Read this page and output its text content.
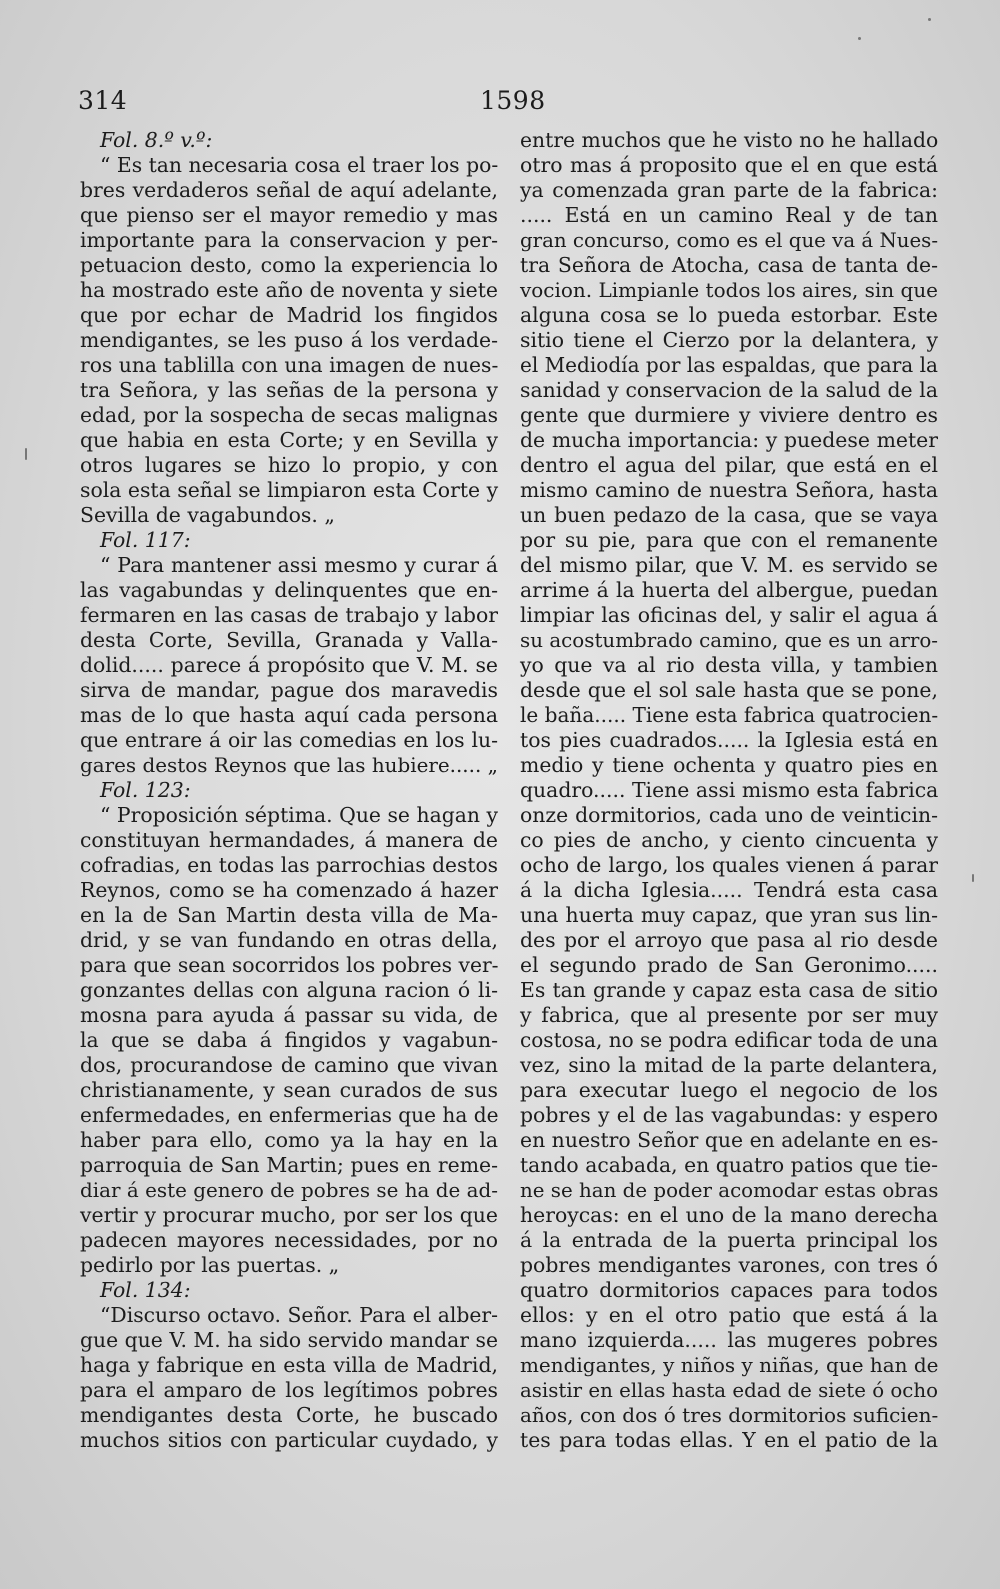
314	1598
Fol. 8.º v.º:
“ Es tan necesaria cosa el traer los po-
bres verdaderos señal de aquí adelante,
que pienso ser el mayor remedio y mas
importante para la conservacion y per-
petuacion desto, como la experiencia lo
ha mostrado este año de noventa y siete
que por echar de Madrid los fingidos
mendigantes, se les puso á los verdade-
ros una tablilla con una imagen de nues-
tra Señora, y las señas de la persona y
edad, por la sospecha de secas malignas
que habia en esta Corte; y en Sevilla y
otros lugares se hizo lo propio, y con
sola esta señal se limpiaron esta Corte y
Sevilla de vagabundos. „
Fol. 117:
“ Para mantener assi mesmo y curar á
las vagabundas y delinquentes que en-
fermaren en las casas de trabajo y labor
desta Corte, Sevilla, Granada y Valla-
dolid..... parece á propósito que V. M. se
sirva de mandar, pague dos maravedis
mas de lo que hasta aquí cada persona
que entrare á oir las comedias en los lu-
gares destos Reynos que las hubiere..... „
Fol. 123:
“ Proposición séptima. Que se hagan y
constituyan hermandades, á manera de
cofradias, en todas las parrochias destos
Reynos, como se ha comenzado á hazer
en la de San Martin desta villa de Ma-
drid, y se van fundando en otras della,
para que sean socorridos los pobres ver-
gonzantes dellas con alguna racion ó li-
mosna para ayuda á passar su vida, de
la que se daba á fingidos y vagabun-
dos, procurandose de camino que vivan
christianamente, y sean curados de sus
enfermedades, en enfermerias que ha de
haber para ello, como ya la hay en la
parroquia de San Martin; pues en reme-
diar á este genero de pobres se ha de ad-
vertir y procurar mucho, por ser los que
padecen mayores necessidades, por no
pedirlo por las puertas. „
Fol. 134:
“Discurso octavo. Señor. Para el alber-
gue que V. M. ha sido servido mandar se
haga y fabrique en esta villa de Madrid,
para el amparo de los legítimos pobres
mendigantes desta Corte, he buscado
muchos sitios con particular cuydado, y
entre muchos que he visto no he hallado
otro mas á proposito que el en que está
ya comenzada gran parte de la fabrica:
..... Está en un camino Real y de tan
gran concurso, como es el que va á Nues-
tra Señora de Atocha, casa de tanta de-
vocion. Limpianle todos los aires, sin que
alguna cosa se lo pueda estorbar. Este
sitio tiene el Cierzo por la delantera, y
el Mediodía por las espaldas, que para la
sanidad y conservacion de la salud de la
gente que durmiere y viviere dentro es
de mucha importancia: y puedese meter
dentro el agua del pilar, que está en el
mismo camino de nuestra Señora, hasta
un buen pedazo de la casa, que se vaya
por su pie, para que con el remanente
del mismo pilar, que V. M. es servido se
arrime á la huerta del albergue, puedan
limpiar las oficinas del, y salir el agua á
su acostumbrado camino, que es un arro-
yo que va al rio desta villa, y tambien
desde que el sol sale hasta que se pone,
le baña..... Tiene esta fabrica quatrocien-
tos pies cuadrados..... la Iglesia está en
medio y tiene ochenta y quatro pies en
quadro..... Tiene assi mismo esta fabrica
onze dormitorios, cada uno de veinticin-
co pies de ancho, y ciento cincuenta y
ocho de largo, los quales vienen á parar
á la dicha Iglesia..... Tendrá esta casa
una huerta muy capaz, que yran sus lin-
des por el arroyo que pasa al rio desde
el segundo prado de San Geronimo.....
Es tan grande y capaz esta casa de sitio
y fabrica, que al presente por ser muy
costosa, no se podra edificar toda de una
vez, sino la mitad de la parte delantera,
para executar luego el negocio de los
pobres y el de las vagabundas: y espero
en nuestro Señor que en adelante en es-
tando acabada, en quatro patios que tie-
ne se han de poder acomodar estas obras
heroycas: en el uno de la mano derecha
á la entrada de la puerta principal los
pobres mendigantes varones, con tres ó
quatro dormitorios capaces para todos
ellos: y en el otro patio que está á la
mano izquierda..... las mugeres pobres
mendigantes, y niños y niñas, que han de
asistir en ellas hasta edad de siete ó ocho
años, con dos ó tres dormitorios suficien-
tes para todas ellas. Y en el patio de la
